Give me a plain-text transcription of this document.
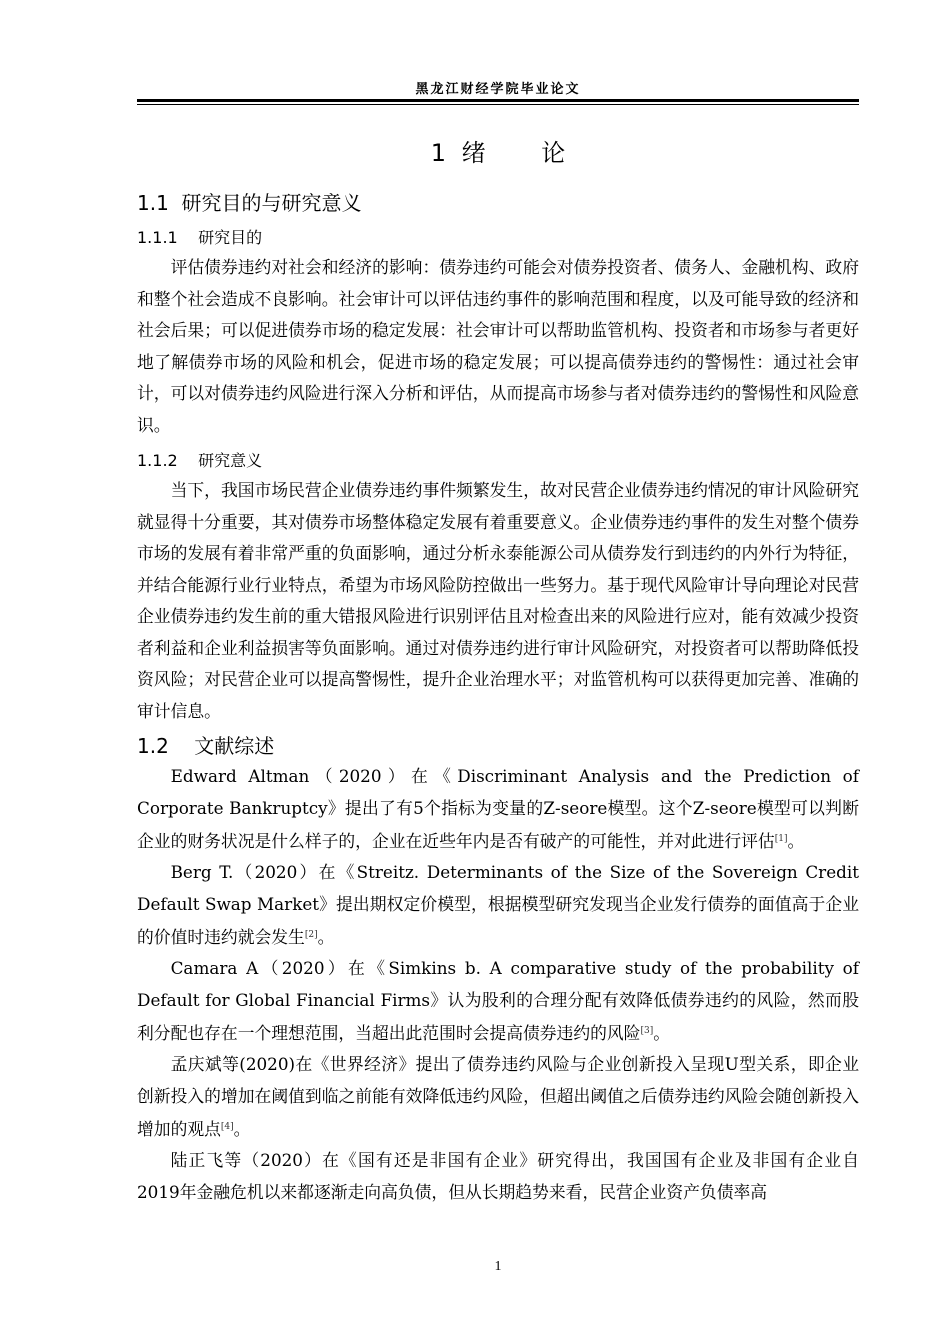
黑龙江财经学院毕业论文
1 绪 论
1.1 研究目的与研究意义
1.1.1 研究目的

评估债券违约对社会和经济的影响：债券违约可能会对债券投资者、债务人、金融机构、政府和整个社会造成不良影响。社会审计可以评估违约事件的影响范围和程度，以及可能导致的经济和社会后果；可以促进债券市场的稳定发展：社会审计可以帮助监管机构、投资者和市场参与者更好地了解债券市场的风险和机会，促进市场的稳定发展；可以提高债券违约的警惕性：通过社会审计，可以对债券违约风险进行深入分析和评估，从而提高市场参与者对债券违约的警惕性和风险意识。

1.1.2 研究意义

当下，我国市场民营企业债券违约事件频繁发生，故对民营企业债券违约情况的审计风险研究就显得十分重要，其对债券市场整体稳定发展有着重要意义。企业债券违约事件的发生对整个债券市场的发展有着非常严重的负面影响，通过分析永泰能源公司从债券发行到违约的内外行为特征，并结合能源行业行业特点，希望为市场风险防控做出一些努力。基于现代风险审计导向理论对民营企业债券违约发生前的重大错报风险进行识别评估且对检查出来的风险进行应对，能有效减少投资者利益和企业利益损害等负面影响。通过对债券违约进行审计风险研究，对投资者可以帮助降低投资风险；对民营企业可以提高警惕性，提升企业治理水平；对监管机构可以获得更加完善、准确的审计信息。

1.2 文献综述

Edward Altman（2020）在《Discriminant Analysis and the Prediction of Corporate Bankruptcy》提出了有5个指标为变量的Z-seore模型。这个Z-seore模型可以判断企业的财务状况是什么样子的，企业在近些年内是否有破产的可能性，并对此进行评估[1]。

Berg T.（2020）在《Streitz. Determinants of the Size of the Sovereign Credit Default Swap Market》提出期权定价模型，根据模型研究发现当企业发行债券的面值高于企业的价值时违约就会发生[2]。

Camara A（2020）在《Simkins b. A comparative study of the probability of Default for Global Financial Firms》认为股利的合理分配有效降低债券违约的风险，然而股利分配也存在一个理想范围，当超出此范围时会提高债券违约的风险[3]。

孟庆斌等(2020)在《世界经济》提出了债券违约风险与企业创新投入呈现U型关系，即企业创新投入的增加在阈值到临之前能有效降低违约风险，但超出阈值之后债券违约风险会随创新投入增加的观点[4]。

陆正飞等（2020）在《国有还是非国有企业》研究得出，我国国有企业及非国有企业自2019年金融危机以来都逐渐走向高负债，但从长期趋势来看，民营企业资产负债率高

1
